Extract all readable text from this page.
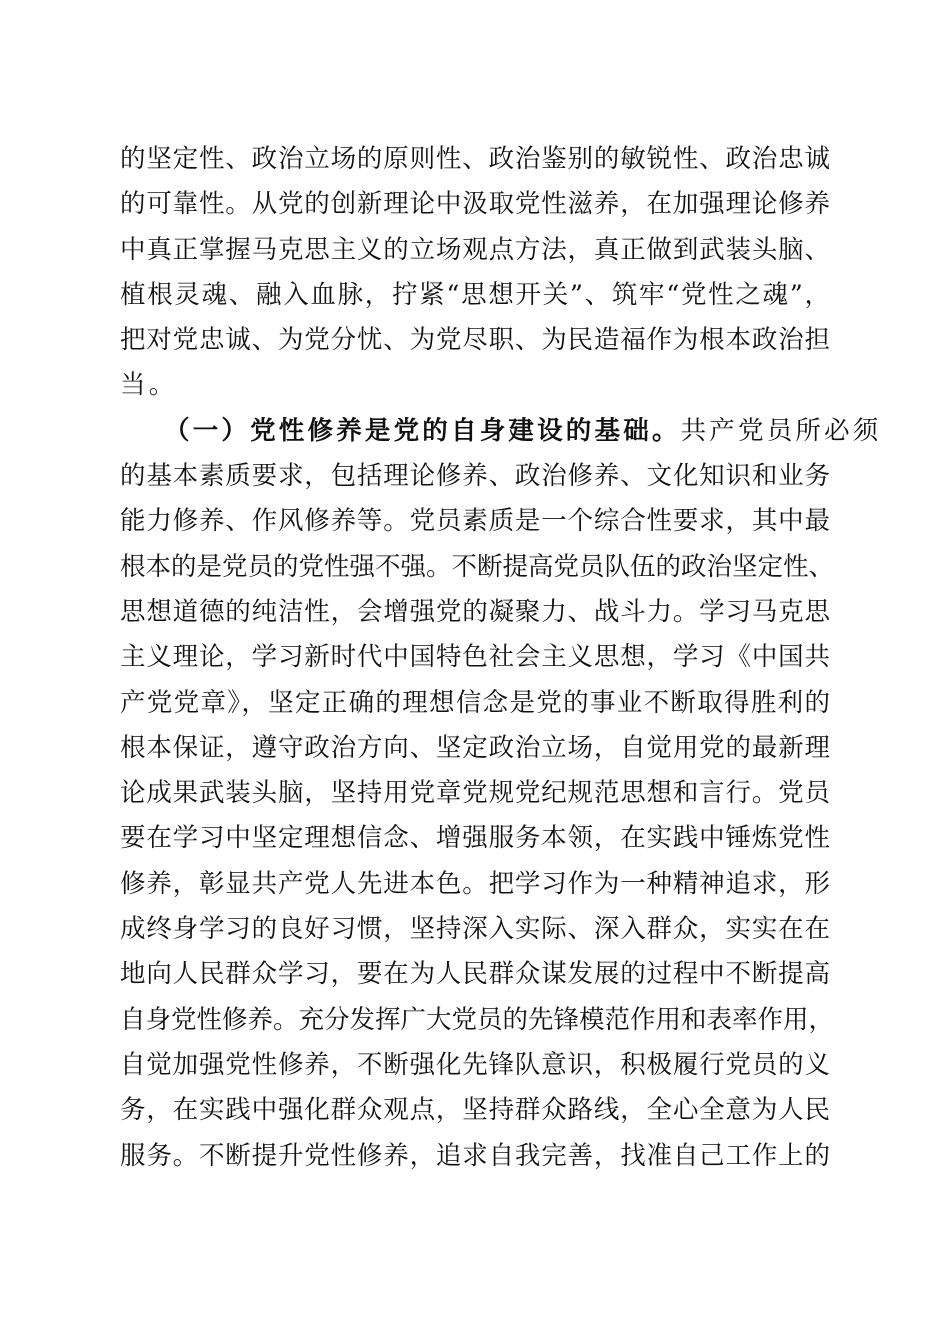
的坚定性、政治立场的原则性、政治鉴别的敏锐性、政治忠诚
的可靠性。从党的创新理论中汲取党性滋养，在加强理论修养
中真正掌握马克思主义的立场观点方法，真正做到武装头脑、
植根灵魂、融入血脉，拧紧“思想开关”、筑牢“党性之魂”，
把对党忠诚、为党分忧、为党尽职、为民造福作为根本政治担
当。
（一）党性修养是党的自身建设的基础。共产党员所必须
的基本素质要求，包括理论修养、政治修养、文化知识和业务
能力修养、作风修养等。党员素质是一个综合性要求，其中最
根本的是党员的党性强不强。不断提高党员队伍的政治坚定性、
思想道德的纯洁性，会增强党的凝聚力、战斗力。学习马克思
主义理论，学习新时代中国特色社会主义思想，学习《中国共
产党党章》，坚定正确的理想信念是党的事业不断取得胜利的
根本保证，遵守政治方向、坚定政治立场，自觉用党的最新理
论成果武装头脑，坚持用党章党规党纪规范思想和言行。党员
要在学习中坚定理想信念、增强服务本领，在实践中锤炼党性
修养，彰显共产党人先进本色。把学习作为一种精神追求，形
成终身学习的良好习惯，坚持深入实际、深入群众，实实在在
地向人民群众学习，要在为人民群众谋发展的过程中不断提高
自身党性修养。充分发挥广大党员的先锋模范作用和表率作用，
自觉加强党性修养，不断强化先锋队意识，积极履行党员的义
务，在实践中强化群众观点，坚持群众路线，全心全意为人民
服务。不断提升党性修养，追求自我完善，找准自己工作上的
